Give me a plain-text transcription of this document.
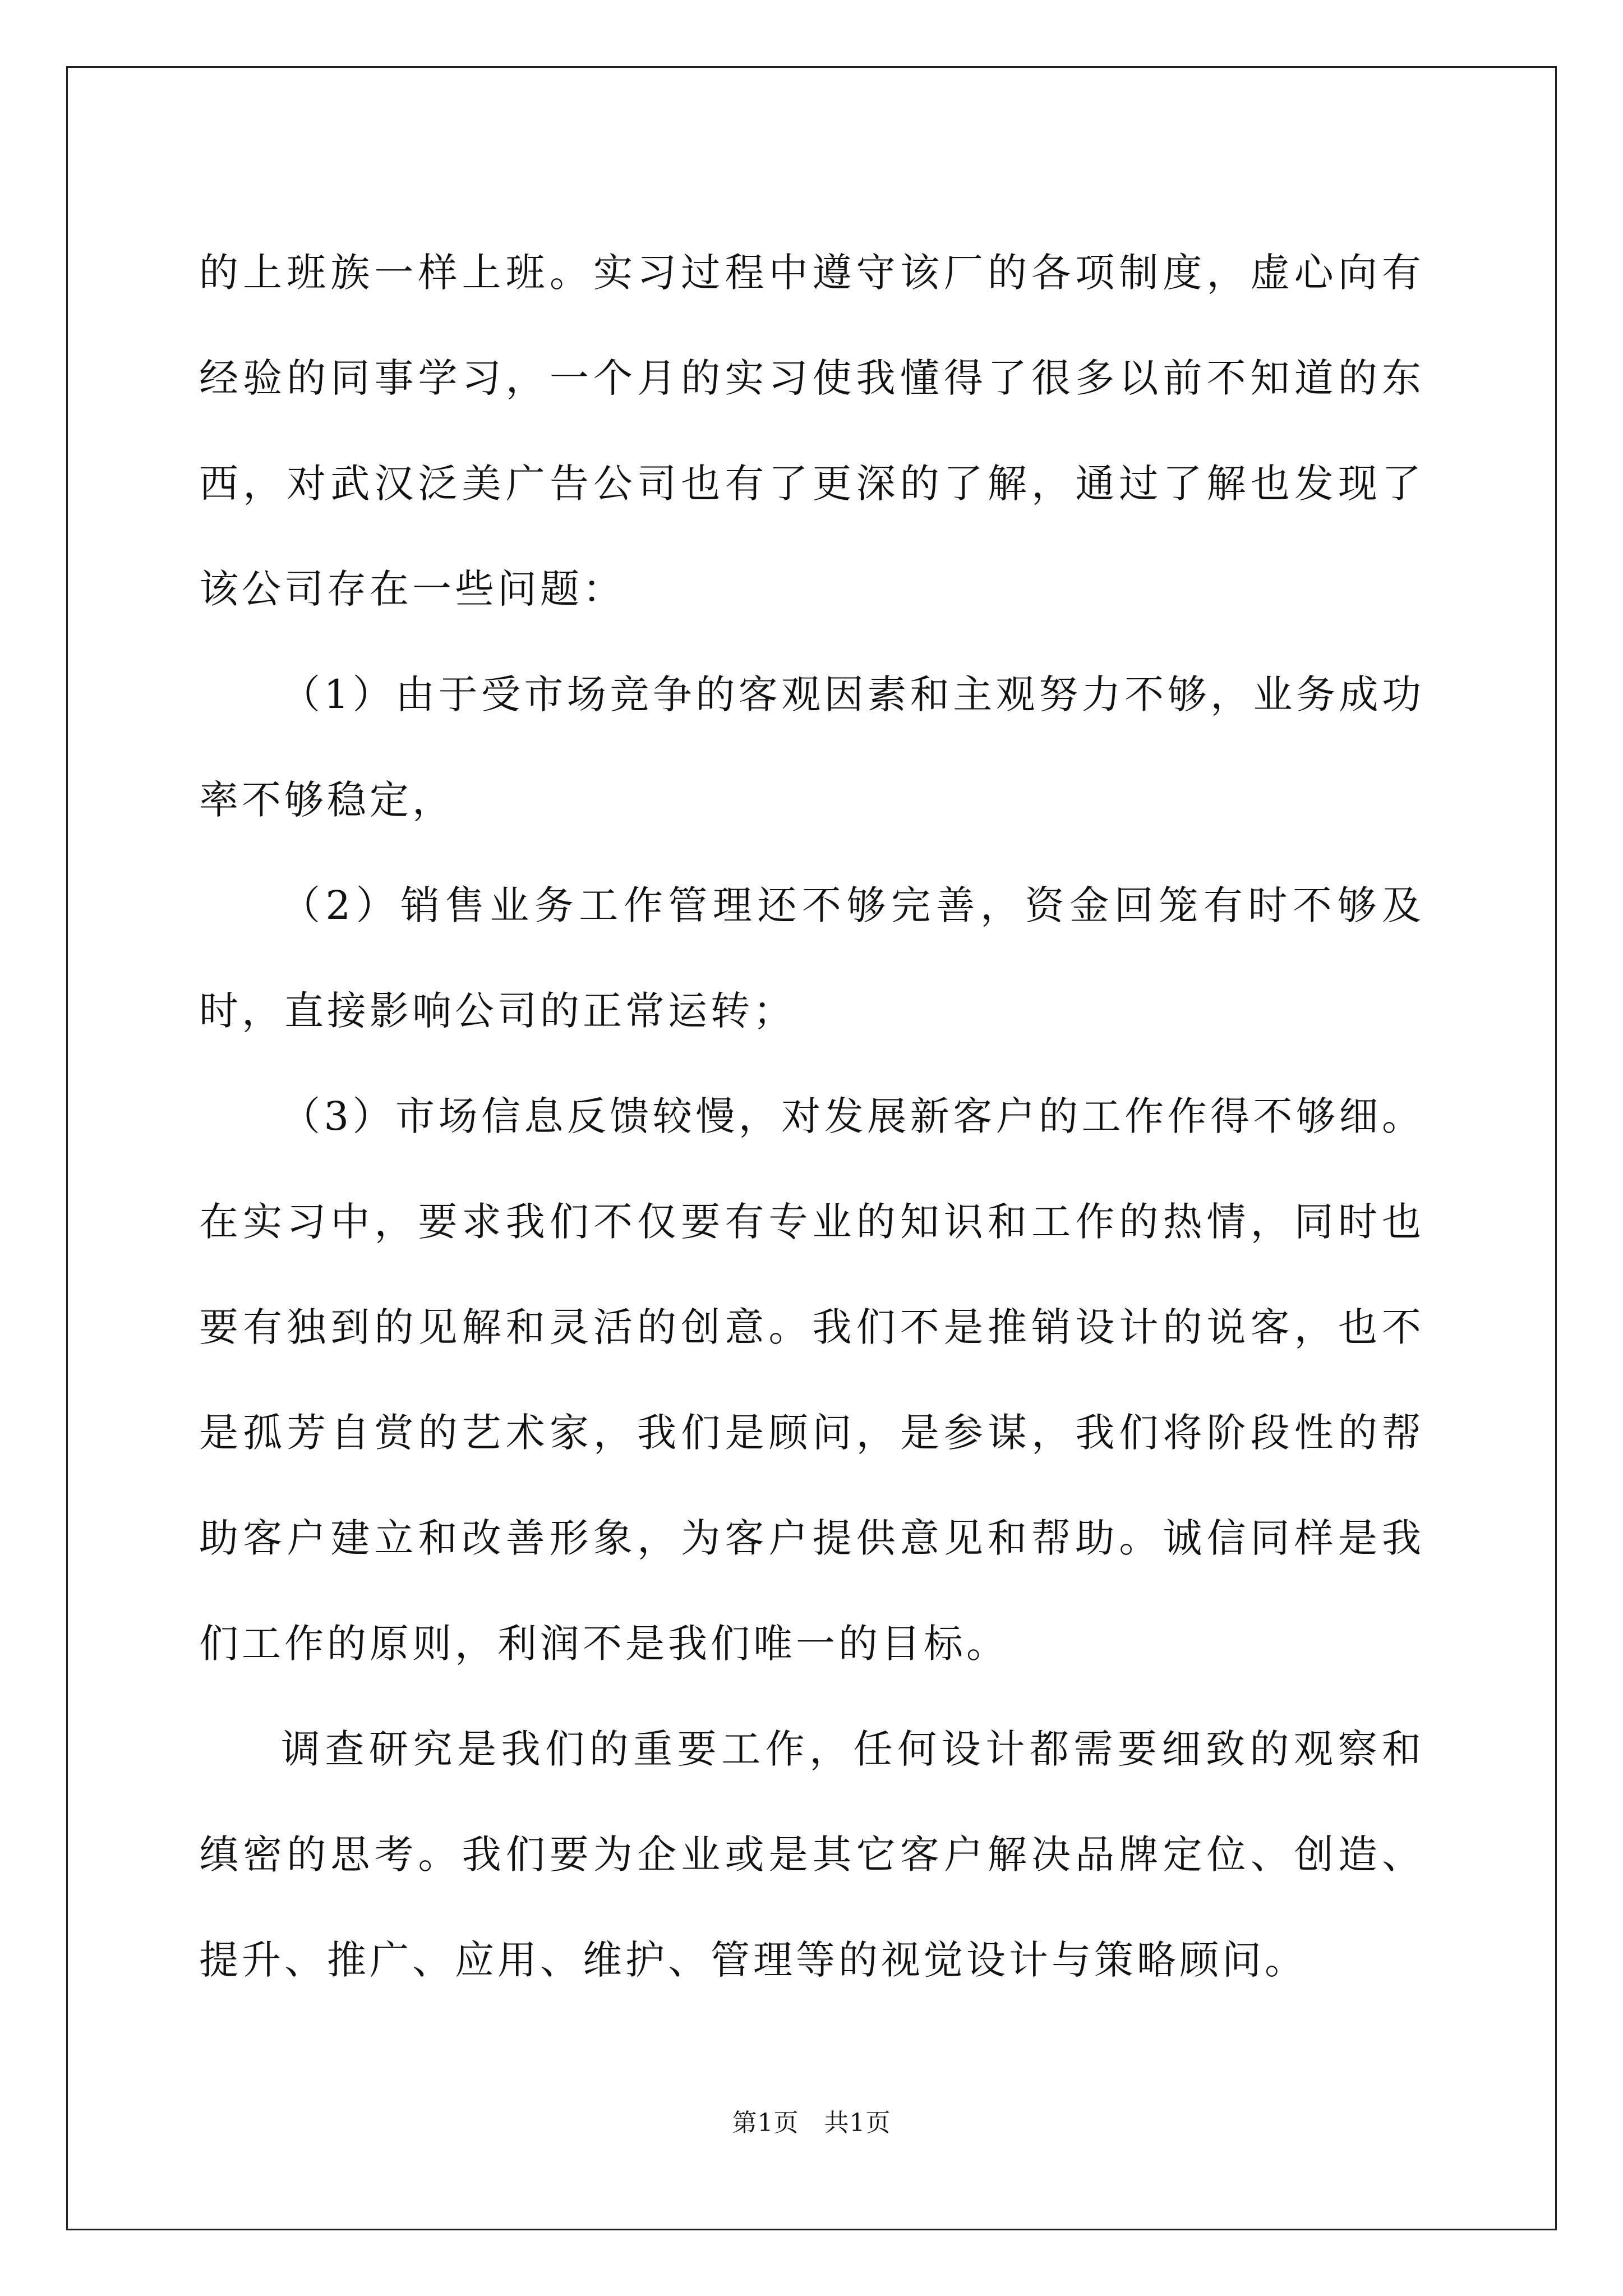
的上班族一样上班。实习过程中遵守该厂的各项制度，虚心向有经验的同事学习，一个月的实习使我懂得了很多以前不知道的东西，对武汉泛美广告公司也有了更深的了解，通过了解也发现了该公司存在一些问题：

（1）由于受市场竞争的客观因素和主观努力不够，业务成功率不够稳定，

（2）销售业务工作管理还不够完善，资金回笼有时不够及时，直接影响公司的正常运转；

（3）市场信息反馈较慢，对发展新客户的工作作得不够细。在实习中，要求我们不仅要有专业的知识和工作的热情，同时也要有独到的见解和灵活的创意。我们不是推销设计的说客，也不是孤芳自赏的艺术家，我们是顾问，是参谋，我们将阶段性的帮助客户建立和改善形象，为客户提供意见和帮助。诚信同样是我们工作的原则，利润不是我们唯一的目标。

调查研究是我们的重要工作，任何设计都需要细致的观察和缜密的思考。我们要为企业或是其它客户解决品牌定位、创造、提升、推广、应用、维护、管理等的视觉设计与策略顾问。

第1页　共1页
